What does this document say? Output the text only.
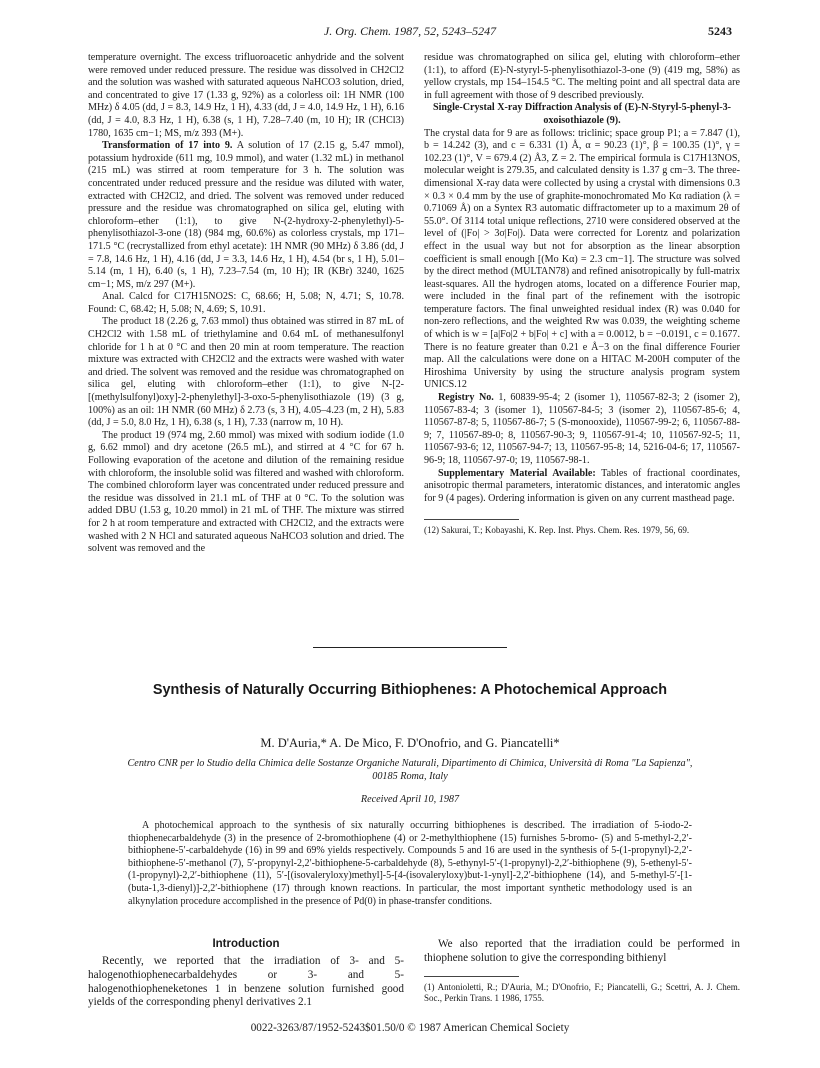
J. Org. Chem. 1987, 52, 5243–5247	5243

temperature overnight. The excess trifluoroacetic anhydride and the solvent were removed under reduced pressure. The residue was dissolved in CH2Cl2 and the solution was washed with saturated aqueous NaHCO3 solution, dried, and concentrated to give 17 (1.33 g, 92%) as a colorless oil: 1H NMR (100 MHz) δ 4.05 (dd, J = 8.3, 14.9 Hz, 1 H), 4.33 (dd, J = 4.0, 14.9 Hz, 1 H), 6.16 (dd, J = 4.0, 8.3 Hz, 1 H), 6.38 (s, 1 H), 7.28–7.40 (m, 10 H); IR (CHCl3) 1780, 1635 cm−1; MS, m/z 393 (M+).

Transformation of 17 into 9. A solution of 17 (2.15 g, 5.47 mmol), potassium hydroxide (611 mg, 10.9 mmol), and water (1.32 mL) in methanol (215 mL) was stirred at room temperature for 3 h. The solution was concentrated under reduced pressure and the residue was diluted with water, extracted with CH2Cl2, and dried. The solvent was removed under reduced pressure and the residue was chromatographed on silica gel, eluting with chloroform–ether (1:1), to give N-(2-hydroxy-2-phenylethyl)-5-phenylisothiazol-3-one (18) (984 mg, 60.6%) as colorless crystals, mp 171–171.5 °C (recrystallized from ethyl acetate): 1H NMR (90 MHz) δ 3.86 (dd, J = 7.8, 14.6 Hz, 1 H), 4.16 (dd, J = 3.3, 14.6 Hz, 1 H), 4.54 (br s, 1 H), 5.01–5.14 (m, 1 H), 6.40 (s, 1 H), 7.23–7.54 (m, 10 H); IR (KBr) 3240, 1625 cm−1; MS, m/z 297 (M+).

Anal. Calcd for C17H15NO2S: C, 68.66; H, 5.08; N, 4.71; S, 10.78. Found: C, 68.42; H, 5.08; N, 4.69; S, 10.91.

The product 18 (2.26 g, 7.63 mmol) thus obtained was stirred in 87 mL of CH2Cl2 with 1.58 mL of triethylamine and 0.64 mL of methanesulfonyl chloride for 1 h at 0 °C and then 20 min at room temperature. The reaction mixture was extracted with CH2Cl2 and the extracts were washed with water and dried. The solvent was removed and the residue was chromatographed on silica gel, eluting with chloroform–ether (1:1), to give N-[2-[(methylsulfonyl)oxy]-2-phenylethyl]-3-oxo-5-phenylisothiazole (19) (3 g, 100%) as an oil: 1H NMR (60 MHz) δ 2.73 (s, 3 H), 4.05–4.23 (m, 2 H), 5.83 (dd, J = 5.0, 8.0 Hz, 1 H), 6.38 (s, 1 H), 7.33 (narrow m, 10 H).

The product 19 (974 mg, 2.60 mmol) was mixed with sodium iodide (1.0 g, 6.62 mmol) and dry acetone (26.5 mL), and stirred at 4 °C for 67 h. Following evaporation of the acetone and dilution of the remaining residue with chloroform, the insoluble solid was filtered and washed with chloroform. The combined chloroform layer was concentrated under reduced pressure and the residue was dissolved in 21.1 mL of THF at 0 °C. To the solution was added DBU (1.53 g, 10.20 mmol) in 21 mL of THF. The mixture was stirred for 2 h at room temperature and extracted with CH2Cl2, and the extracts were washed with 2 N HCl and saturated aqueous NaHCO3 solution and dried. The solvent was removed and the

residue was chromatographed on silica gel, eluting with chloroform–ether (1:1), to afford (E)-N-styryl-5-phenylisothiazol-3-one (9) (419 mg, 58%) as yellow crystals, mp 154–154.5 °C. The melting point and all spectral data are in full agreement with those of 9 described previously.

Single-Crystal X-ray Diffraction Analysis of (E)-N-Styryl-5-phenyl-3-oxoisothiazole (9).

The crystal data for 9 are as follows: triclinic; space group P1; a = 7.847 (1), b = 14.242 (3), and c = 6.331 (1) Å, α = 90.23 (1)°, β = 100.35 (1)°, γ = 102.23 (1)°, V = 679.4 (2) Å3, Z = 2. The empirical formula is C17H13NOS, molecular weight is 279.35, and calculated density is 1.37 g cm−3. The three-dimensional X-ray data were collected by using a crystal with dimensions 0.3 × 0.3 × 0.4 mm by the use of graphite-monochromated Mo Kα radiation (λ = 0.71069 Å) on a Syntex R3 automatic diffractometer up to a maximum 2θ of 55.0°. Of 3114 total unique reflections, 2710 were considered observed at the level of (|Fo| > 3σ|Fo|). Data were corrected for Lorentz and polarization effect in the usual way but not for absorption as the linear absorption coefficient is small enough [(Mo Kα) = 2.3 cm−1]. The structure was solved by the direct method (MULTAN78) and refined anisotropically by full-matrix least-squares. All the hydrogen atoms, located on a difference Fourier map, were included in the final part of the refinement with the isotropic temperature factors. The final unweighted residual index (R) was 0.040 for non-zero reflections, and the weighted Rw was 0.039, the weighting scheme of which is w = [a|Fo|2 + b|Fo| + c] with a = 0.0012, b = −0.0191, c = 0.1677. There is no feature greater than 0.21 e Å−3 on the final difference Fourier map. All the calculations were done on a HITAC M-200H computer of the Hiroshima University by using the structure analysis program system UNICS.12

Registry No. 1, 60839-95-4; 2 (isomer 1), 110567-82-3; 2 (isomer 2), 110567-83-4; 3 (isomer 1), 110567-84-5; 3 (isomer 2), 110567-85-6; 4, 110567-87-8; 5, 110567-86-7; 5 (S-monooxide), 110567-99-2; 6, 110567-88-9; 7, 110567-89-0; 8, 110567-90-3; 9, 110567-91-4; 10, 110567-92-5; 11, 110567-93-6; 12, 110567-94-7; 13, 110567-95-8; 14, 5216-04-6; 17, 110567-96-9; 18, 110567-97-0; 19, 110567-98-1.

Supplementary Material Available: Tables of fractional coordinates, anisotropic thermal parameters, interatomic distances, and interatomic angles for 9 (4 pages). Ordering information is given on any current masthead page.

(12) Sakurai, T.; Kobayashi, K. Rep. Inst. Phys. Chem. Res. 1979, 56, 69.

Synthesis of Naturally Occurring Bithiophenes: A Photochemical Approach
M. D'Auria,* A. De Mico, F. D'Onofrio, and G. Piancatelli*
Centro CNR per lo Studio della Chimica delle Sostanze Organiche Naturali, Dipartimento di Chimica, Università di Roma "La Sapienza", 00185 Roma, Italy
Received April 10, 1987
A photochemical approach to the synthesis of six naturally occurring bithiophenes is described. The irradiation of 5-iodo-2-thiophenecarbaldehyde (3) in the presence of 2-bromothiophene (4) or 2-methylthiophene (15) furnishes 5-bromo- (5) and 5-methyl-2,2′-bithiophene-5′-carbaldehyde (16) in 99 and 69% yields respectively. Compounds 5 and 16 are used in the synthesis of 5-(1-propynyl)-2,2′-bithiophene-5′-methanol (7), 5′-propynyl-2,2′-bithiophene-5-carbaldehyde (8), 5-ethynyl-5′-(1-propynyl)-2,2′-bithiophene (9), 5-ethenyl-5′-(1-propynyl)-2,2′-bithiophene (11), 5′-[(isovaleryloxy)methyl]-5-[4-(isovaleryloxy)but-1-ynyl]-2,2′-bithiophene (14), and 5-methyl-5′-[1-(buta-1,3-dienyl)]-2,2′-bithiophene (17) through known reactions. In particular, the most important synthetic methodology used is an alkynylation procedure accomplished in the presence of Pd(0) in phase-transfer conditions.
Introduction
Recently, we reported that the irradiation of 3- and 5-halogenothiophenecarbaldehydes or 3- and 5-halogenothiopheneketones 1 in benzene solution furnished good yields of the corresponding phenyl derivatives 2.1
We also reported that the irradiation could be performed in thiophene solution to give the corresponding bithienyl
(1) Antonioletti, R.; D'Auria, M.; D'Onofrio, F.; Piancatelli, G.; Scettri, A. J. Chem. Soc., Perkin Trans. 1 1986, 1755.
0022-3263/87/1952-5243$01.50/0 © 1987 American Chemical Society
